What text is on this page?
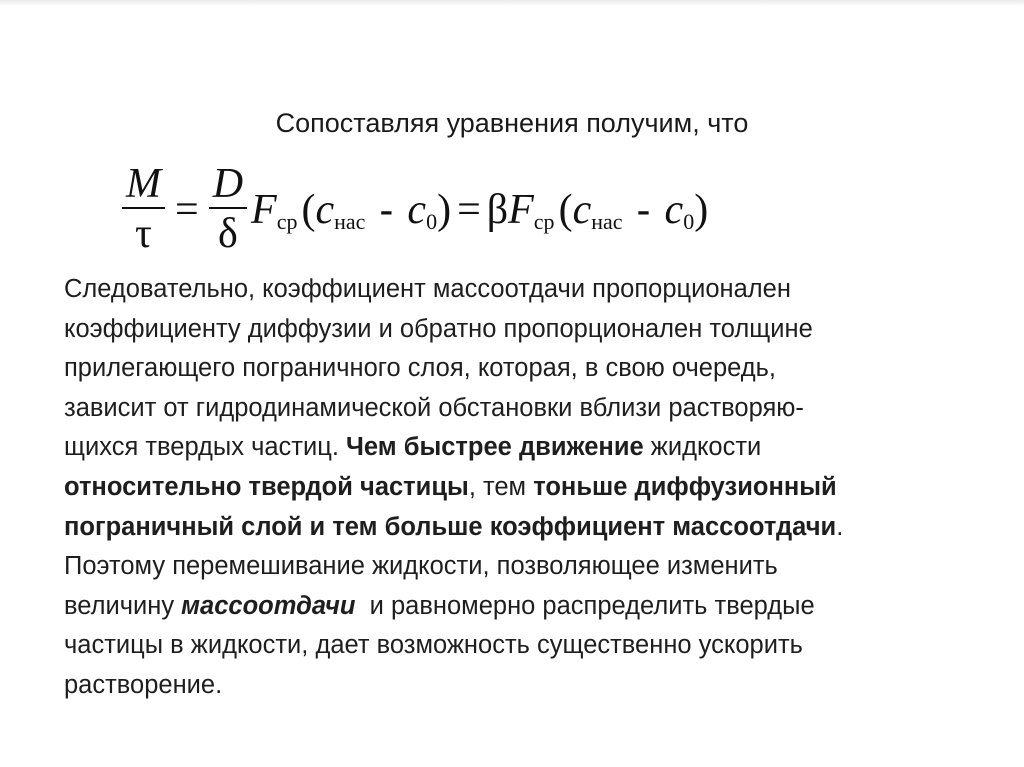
Сопоставляя уравнения получим, что
$\frac{M}{\tau} = \frac{D}{\delta}$ F ср ( c нас - c 0 ) = β F ср ( c нас - c 0 )
Следовательно, коэффициент массоотдачи пропорционален
коэффициенту диффузии и обратно пропорционален толщине
прилегающего пограничного слоя, которая, в свою очередь,
зависит от гидродинамической обстановки вблизи растворяю-
щихся твердых частиц. Чем быстрее движение жидкости
относительно твердой частицы, тем тоньше диффузионный
пограничный слой и тем больше коэффициент массоотдачи.
Поэтому перемешивание жидкости, позволяющее изменить
величину массоотдачи  и равномерно распределить твердые
частицы в жидкости, дает возможность существенно ускорить
растворение.
